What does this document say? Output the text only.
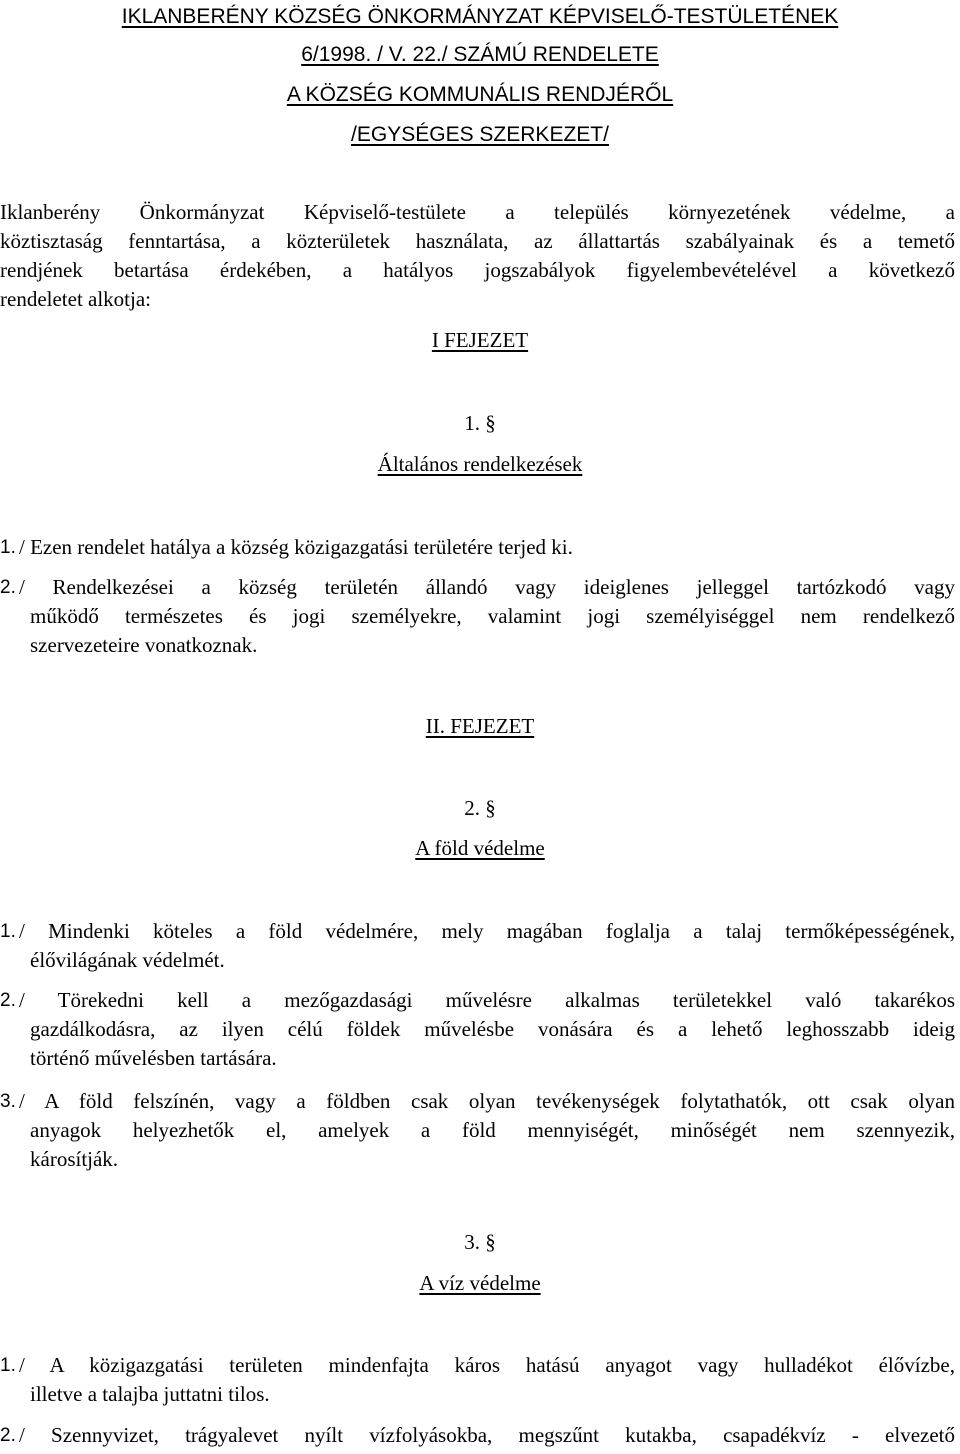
IKLANBERÉNY KÖZSÉG ÖNKORMÁNYZAT KÉPVISELŐ-TESTÜLETÉNEK
6/1998. / V. 22./ SZÁMÚ RENDELETE
A KÖZSÉG KOMMUNÁLIS RENDJÉRŐL
/EGYSÉGES SZERKEZET/
Iklanberény Önkormányzat Képviselő-testülete a település környezetének védelme, a
köztisztaság fenntartása, a közterületek használata, az állattartás szabályainak és a temető
rendjének betartása érdekében, a hatályos jogszabályok figyelembevételével a következő
rendeletet alkotja:
I FEJEZET
1. §
Általános rendelkezések
1. / Ezen rendelet hatálya a község közigazgatási területére terjed ki.
2. / Rendelkezései a község területén állandó vagy ideiglenes jelleggel tartózkodó vagy
működő természetes és jogi személyekre, valamint jogi személyiséggel nem rendelkező
szervezeteire vonatkoznak.
II. FEJEZET
2. §
A föld védelme
1. / Mindenki köteles a föld védelmére, mely magában foglalja a talaj termőképességének,
élővilágának védelmét.
2. / Törekedni kell a mezőgazdasági művelésre alkalmas területekkel való takarékos
gazdálkodásra, az ilyen célú földek művelésbe vonására és a lehető leghosszabb ideig
történő művelésben tartására.
3. / A föld felszínén, vagy a földben csak olyan tevékenységek folytathatók, ott csak olyan
anyagok helyezhetők el, amelyek a föld mennyiségét, minőségét nem szennyezik,
károsítják.
3. §
A víz védelme
1. / A közigazgatási területen mindenfajta káros hatású anyagot vagy hulladékot élővízbe,
illetve a talajba juttatni tilos.
2. / Szennyvizet, trágyalevet nyílt vízfolyásokba, megszűnt kutakba, csapadékvíz - elvezető
